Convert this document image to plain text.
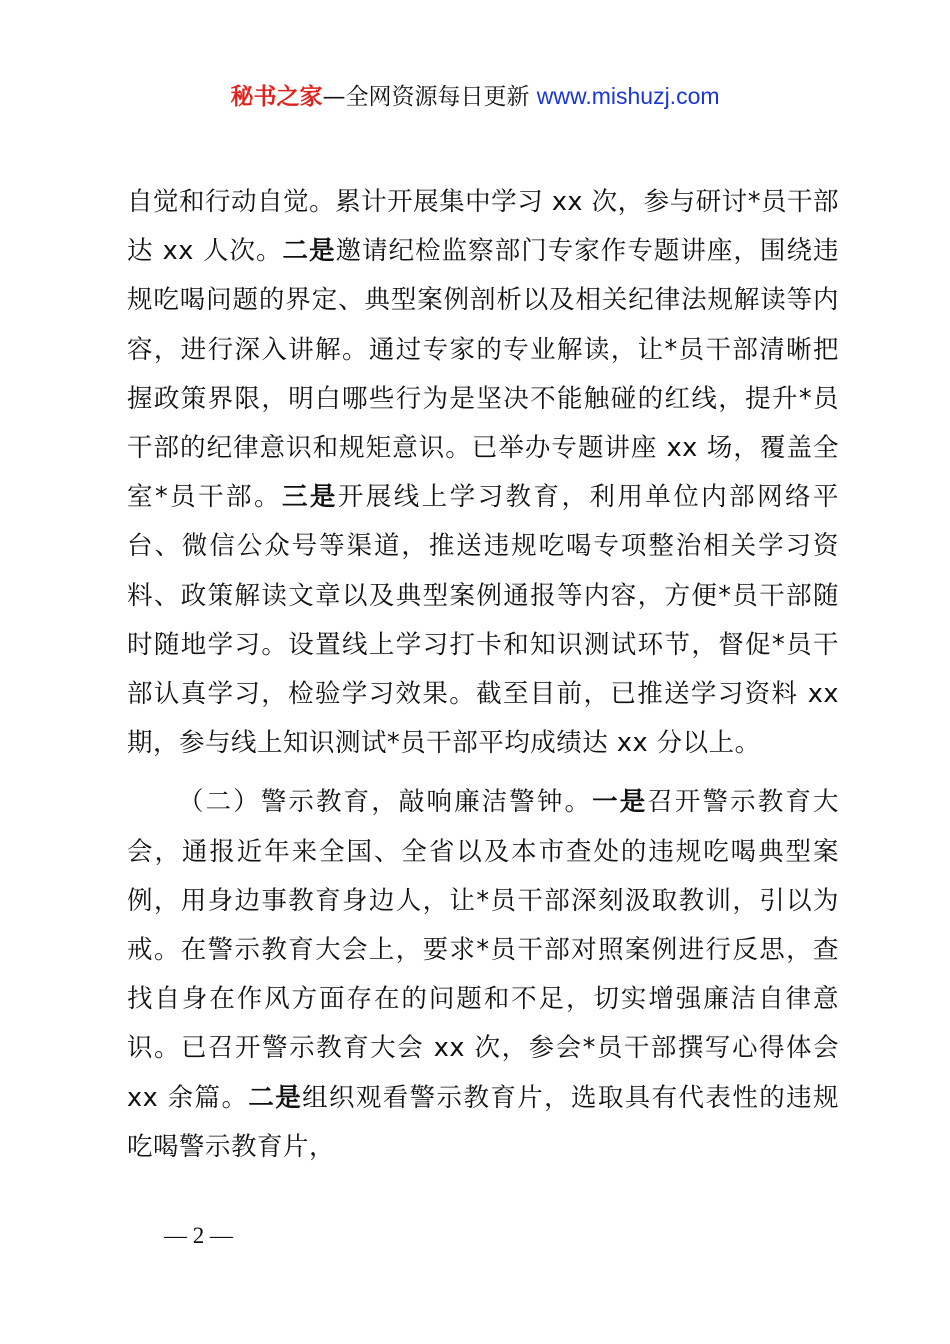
秘书之家—全网资源每日更新 www.mishuzj.com

自觉和行动自觉。累计开展集中学习 xx 次，参与研讨*员干部达 xx 人次。二是邀请纪检监察部门专家作专题讲座，围绕违规吃喝问题的界定、典型案例剖析以及相关纪律法规解读等内容，进行深入讲解。通过专家的专业解读，让*员干部清晰把握政策界限，明白哪些行为是坚决不能触碰的红线，提升*员干部的纪律意识和规矩意识。已举办专题讲座 xx 场，覆盖全室*员干部。三是开展线上学习教育，利用单位内部网络平台、微信公众号等渠道，推送违规吃喝专项整治相关学习资料、政策解读文章以及典型案例通报等内容，方便*员干部随时随地学习。设置线上学习打卡和知识测试环节，督促*员干部认真学习，检验学习效果。截至目前，已推送学习资料 xx 期，参与线上知识测试*员干部平均成绩达 xx 分以上。

（二）警示教育，敲响廉洁警钟。一是召开警示教育大会，通报近年来全国、全省以及本市查处的违规吃喝典型案例，用身边事教育身边人，让*员干部深刻汲取教训，引以为戒。在警示教育大会上，要求*员干部对照案例进行反思，查找自身在作风方面存在的问题和不足，切实增强廉洁自律意识。已召开警示教育大会 xx 次，参会*员干部撰写心得体会 xx 余篇。二是组织观看警示教育片，选取具有代表性的违规吃喝警示教育片，

— 2 —
